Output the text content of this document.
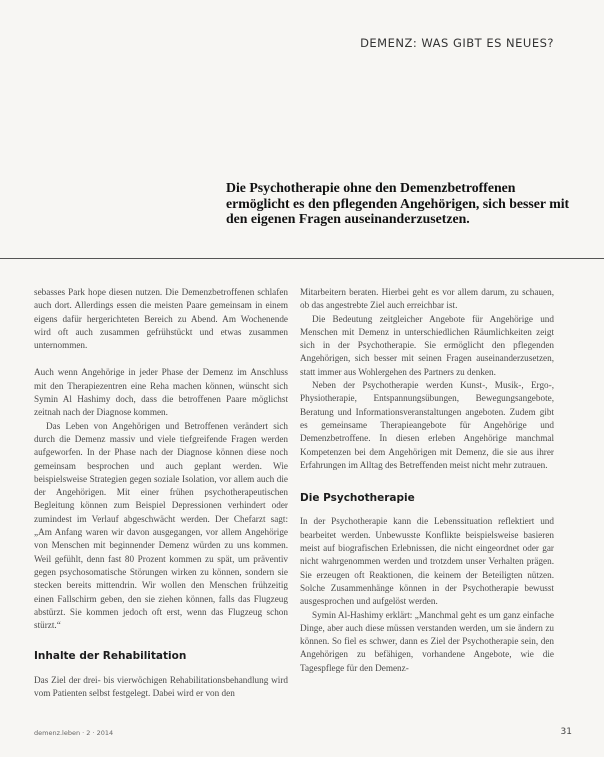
DEMENZ: WAS GIBT ES NEUES?
Die Psychotherapie ohne den Demenzbetroffenen ermöglicht es den pflegenden Angehörigen, sich besser mit den eigenen Fragen auseinanderzusetzen.

sebasses Park hope diesen nutzen. Die Demenzbetroffenen schlafen auch dort. Allerdings essen die meisten Paare gemeinsam in einem eigens dafür hergerichteten Bereich zu Abend. Am Wochenende wird oft auch zusammen gefrühstückt und etwas zusammen unternommen.

Auch wenn Angehörige in jeder Phase der Demenz im Anschluss mit den Therapiezentren eine Reha machen können, wünscht sich Symin Al Hashimy doch, dass die betroffenen Paare möglichst zeitnah nach der Diagnose kommen.

Das Leben von Angehörigen und Betroffenen verändert sich durch die Demenz massiv und viele tiefgreifende Fragen werden aufgeworfen. In der Phase nach der Diagnose können diese noch gemeinsam besprochen und auch geplant werden. Wie beispielsweise Strategien gegen soziale Isolation, vor allem auch die der Angehörigen. Mit einer frühen psychotherapeutischen Begleitung können zum Beispiel Depressionen verhindert oder zumindest im Verlauf abgeschwächt werden. Der Chefarzt sagt: „Am Anfang waren wir davon ausgegangen, vor allem Angehörige von Menschen mit beginnender Demenz würden zu uns kommen. Weil gefühlt, denn fast 80 Prozent kommen zu spät, um präventiv gegen psychosomatische Störungen wirken zu können, sondern sie stecken bereits mittendrin. Wir wollen den Menschen frühzeitig einen Fallschirm geben, den sie ziehen können, falls das Flugzeug abstürzt. Sie kommen jedoch oft erst, wenn das Flugzeug schon stürzt.“

Inhalte der Rehabilitation

Das Ziel der drei- bis vierwöchigen Rehabilitationsbehandlung wird vom Patienten selbst festgelegt. Dabei wird er von den

Mitarbeitern beraten. Hierbei geht es vor allem darum, zu schauen, ob das angestrebte Ziel auch erreichbar ist.

Die Bedeutung zeitgleicher Angebote für Angehörige und Menschen mit Demenz in unterschiedlichen Räumlichkeiten zeigt sich in der Psychotherapie. Sie ermöglicht den pflegenden Angehörigen, sich besser mit seinen Fragen auseinanderzusetzen, statt immer aus Wohlergehen des Partners zu denken.

Neben der Psychotherapie werden Kunst-, Musik-, Ergo-, Physiotherapie, Entspannungsübungen, Bewegungsangebote, Beratung und Informationsveranstaltungen angeboten. Zudem gibt es gemeinsame Therapieangebote für Angehörige und Demenzbetroffene. In diesen erleben Angehörige manchmal Kompetenzen bei dem Angehörigen mit Demenz, die sie aus ihrer Erfahrungen im Alltag des Betreffenden meist nicht mehr zutrauen.

Die Psychotherapie

In der Psychotherapie kann die Lebenssituation reflektiert und bearbeitet werden. Unbewusste Konflikte beispielsweise basieren meist auf biografischen Erlebnissen, die nicht eingeordnet oder gar nicht wahrgenommen werden und trotzdem unser Verhalten prägen. Sie erzeugen oft Reaktionen, die keinem der Beteiligten nützen. Solche Zusammenhänge können in der Psychotherapie bewusst ausgesprochen und aufgelöst werden.

Symin Al-Hashimy erklärt: „Manchmal geht es um ganz einfache Dinge, aber auch diese müssen verstanden werden, um sie ändern zu können. So fiel es schwer, dann es Ziel der Psychotherapie sein, den Angehörigen zu befähigen, vorhandene Angebote, wie die Tagespflege für den Demenz-

demenz.leben · 2 · 2014	31
